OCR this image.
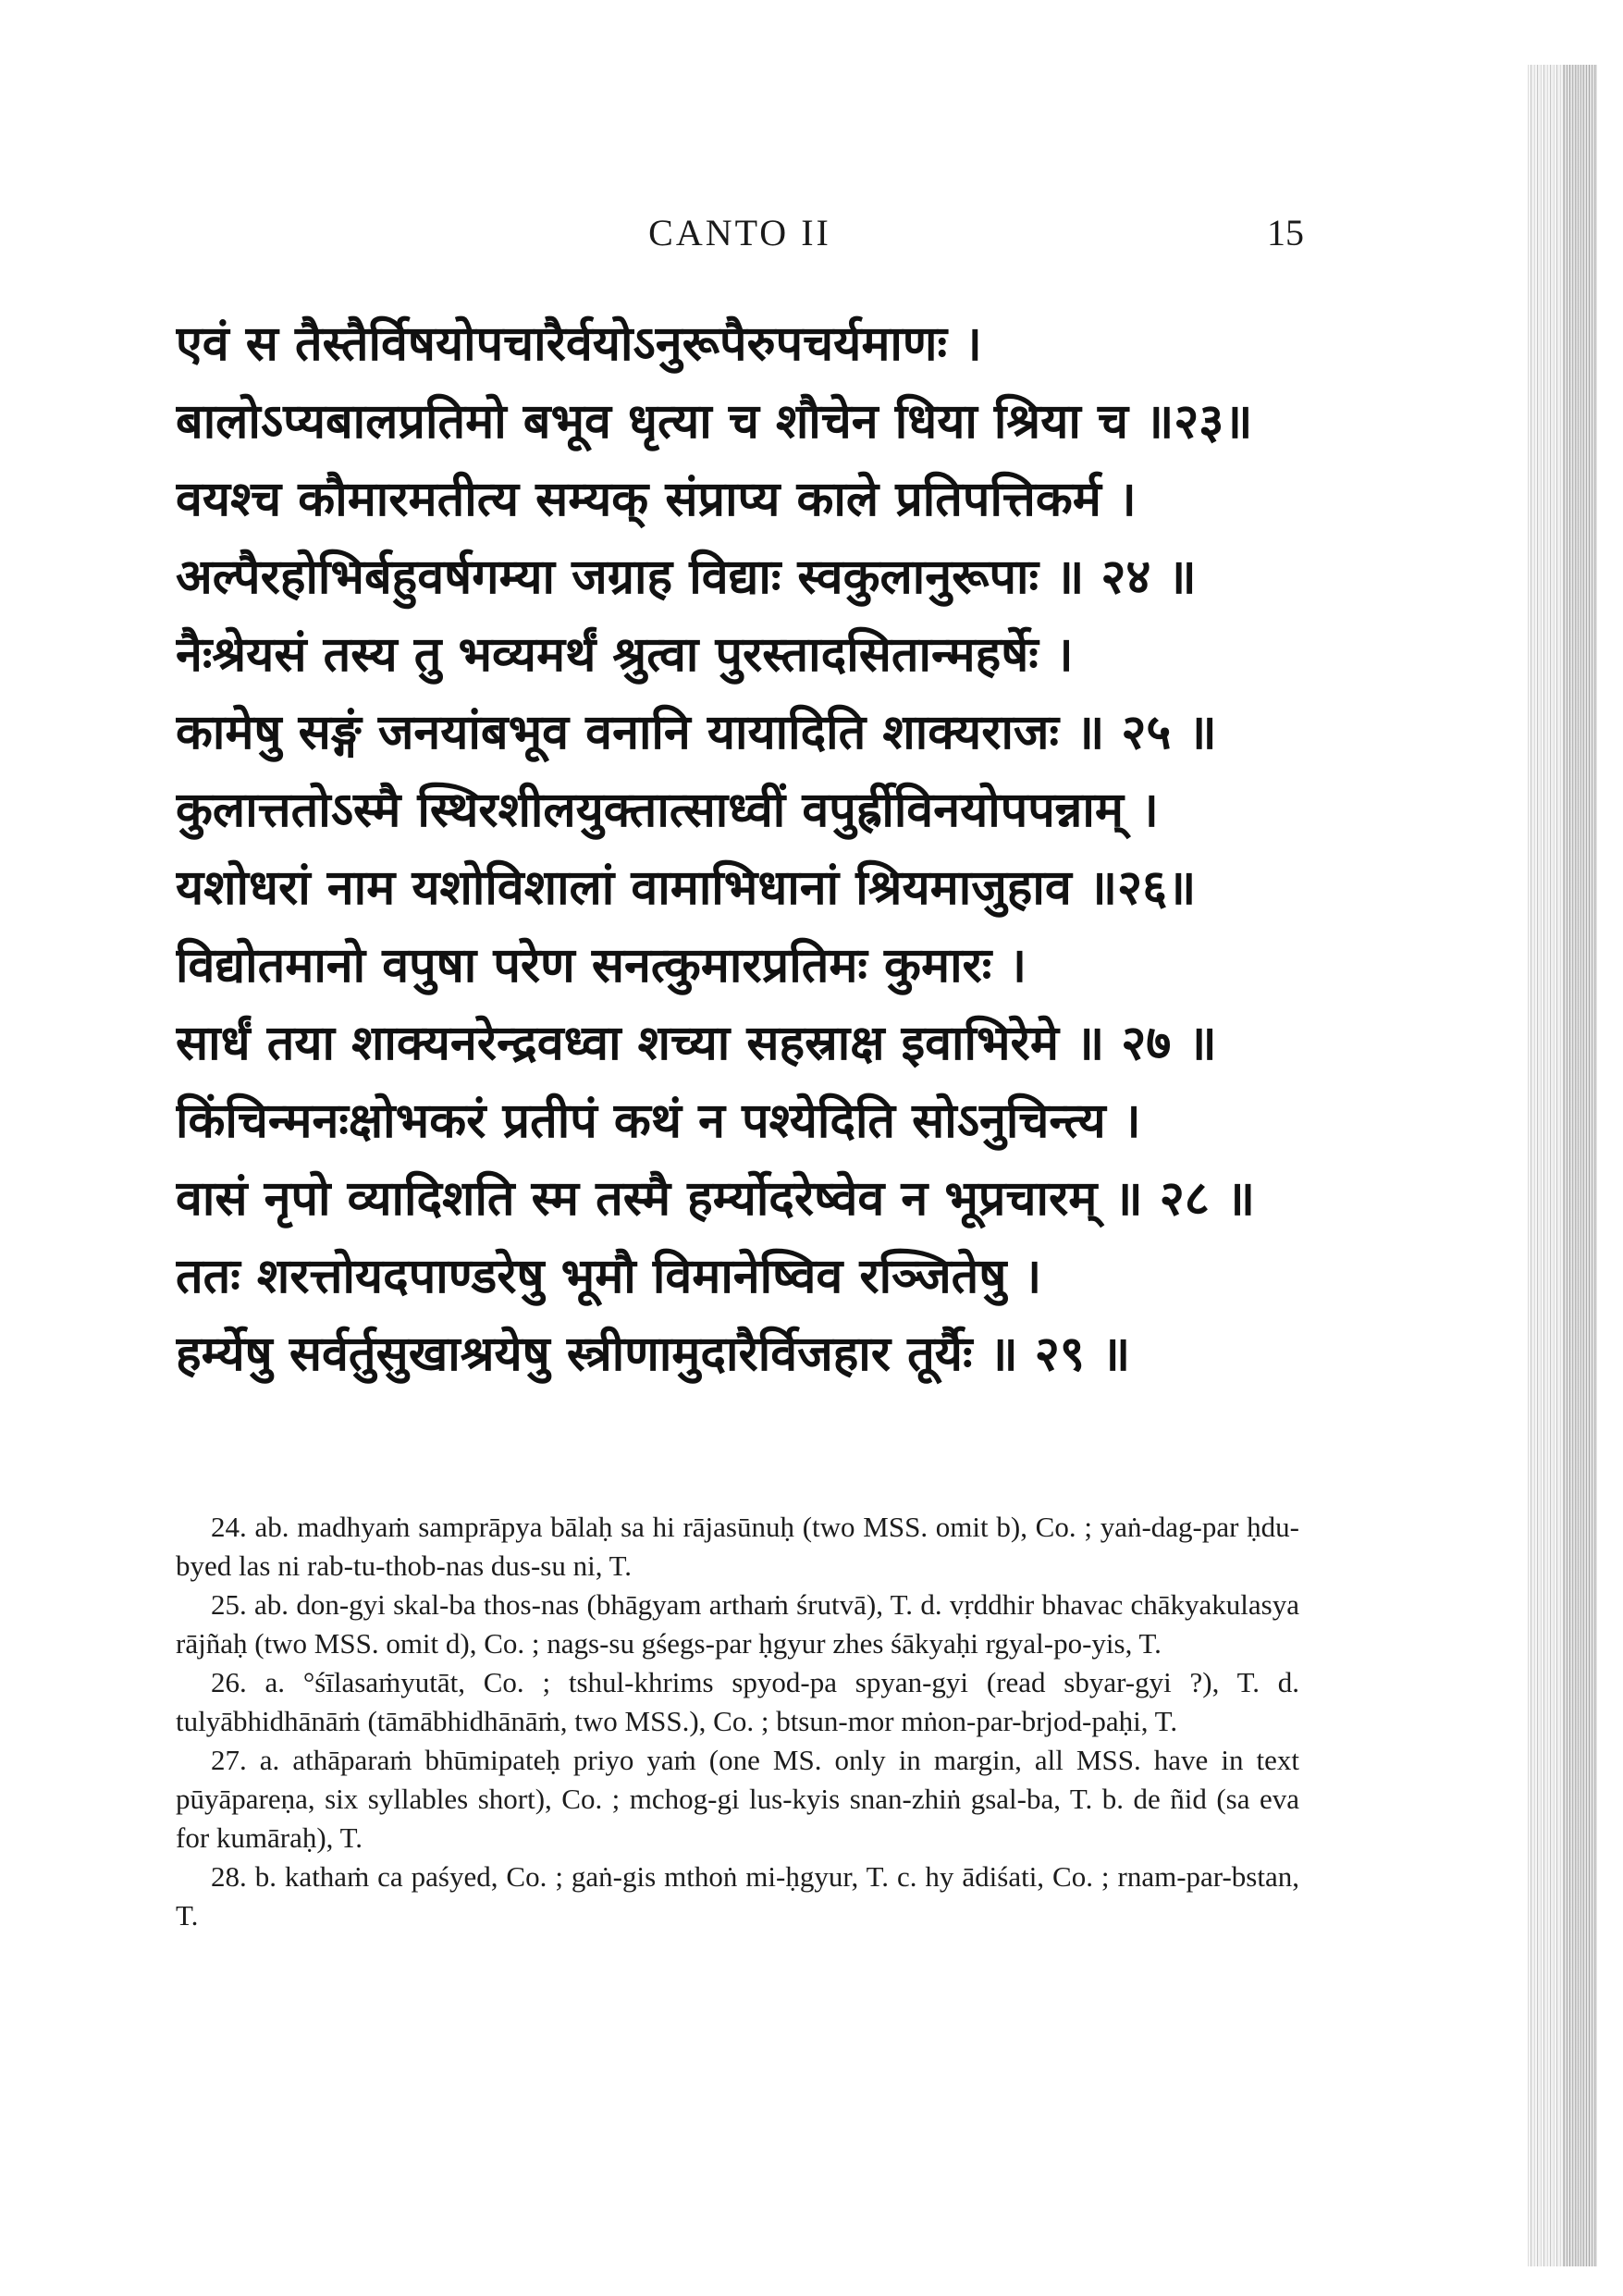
CANTO II	15
एवं स तैस्तैर्विषयोपचारैर्वयोऽनुरूपैरुपचर्यमाणः ।
बालोऽप्यबालप्रतिमो बभूव धृत्या च शौचेन धिया श्रिया च ॥२३॥
वयश्च कौमारमतीत्य सम्यक् संप्राप्य काले प्रतिपत्तिकर्म ।
अल्पैरहोभिर्बहुवर्षगम्या जग्राह विद्याः स्वकुलानुरूपाः ॥ २४ ॥
नैःश्रेयसं तस्य तु भव्यमर्थं श्रुत्वा पुरस्तादसितान्महर्षेः ।
कामेषु सङ्गं जनयांबभूव वनानि यायादिति शाक्यराजः ॥ २५ ॥
कुलात्ततोऽस्मै स्थिरशीलयुक्तात्साध्वीं वपुर्ह्रीविनयोपपन्नाम् ।
यशोधरां नाम यशोविशालां वामाभिधानां श्रियमाजुहाव ॥२६॥
विद्योतमानो वपुषा परेण सनत्कुमारप्रतिमः कुमारः ।
सार्धं तया शाक्यनरेन्द्रवध्वा शच्या सहस्राक्ष इवाभिरेमे ॥ २७ ॥
किंचिन्मनःक्षोभकरं प्रतीपं कथं न पश्येदिति सोऽनुचिन्त्य ।
वासं नृपो व्यादिशति स्म तस्मै हर्म्योदरेष्वेव न भूप्रचारम् ॥ २८ ॥
ततः शरत्तोयदपाण्डरेषु भूमौ विमानेष्विव रञ्जितेषु ।
हर्म्येषु सर्वर्तुसुखाश्रयेषु स्त्रीणामुदारैर्विजहार तूर्यैः ॥ २९ ॥

24. ab. madhyaṁ samprāpya bālaḥ sa hi rājasūnuḥ (two MSS. omit b), Co. ; yaṅ-dag-par ḥdu-byed las ni rab-tu-thob-nas dus-su ni, T.

25. ab. don-gyi skal-ba thos-nas (bhāgyam arthaṁ śrutvā), T. d. vṛddhir bhavac chākyakulasya rājñaḥ (two MSS. omit d), Co. ; nags-su gśegs-par ḥgyur zhes śākyaḥi rgyal-po-yis, T.

26. a. °śīlasaṁyutāt, Co. ; tshul-khrims spyod-pa spyan-gyi (read sbyar-gyi ?), T. d. tulyābhidhānāṁ (tāmābhidhānāṁ, two MSS.), Co. ; btsun-mor mṅon-par-brjod-paḥi, T.

27. a. athāparaṁ bhūmipateḥ priyo yaṁ (one MS. only in margin, all MSS. have in text pūyāpareṇa, six syllables short), Co. ; mchog-gi lus-kyis snan-zhiṅ gsal-ba, T. b. de ñid (sa eva for kumāraḥ), T.

28. b. kathaṁ ca paśyed, Co. ; gaṅ-gis mthoṅ mi-ḥgyur, T. c. hy ādiśati, Co. ; rnam-par-bstan, T.
